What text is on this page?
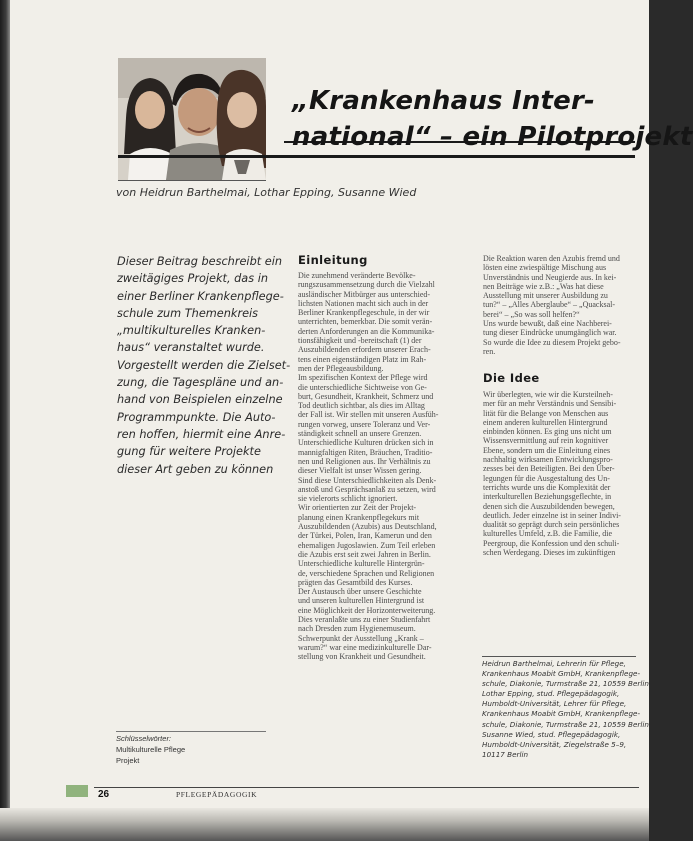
„Krankenhaus Inter-
national“ – ein Pilotprojekt
von Heidrun Barthelmai, Lothar Epping, Susanne Wied
Dieser Beitrag beschreibt ein
zweitägiges Projekt, das in
einer Berliner Krankenpflege-
schule zum Themenkreis
„multikulturelles Kranken-
haus“ veranstaltet wurde.
Vorgestellt werden die Zielset-
zung, die Tagespläne und an-
hand von Beispielen einzelne
Programmpunkte. Die Auto-
ren hoffen, hiermit eine Anre-
gung für weitere Projekte
dieser Art geben zu können
Einleitung
Die zunehmend veränderte Bevölke-
rungszusammensetzung durch die Vielzahl
ausländischer Mitbürger aus unterschied-
lichsten Nationen macht sich auch in der
Berliner Krankenpflegeschule, in der wir
unterrichten, bemerkbar. Die somit verän-
derten Anforderungen an die Kommunika-
tionsfähigkeit und -bereitschaft (1) der
Auszubildenden erfordern unserer Erach-
tens einen eigenständigen Platz im Rah-
men der Pflegeausbildung.
Im spezifischen Kontext der Pflege wird
die unterschiedliche Sichtweise von Ge-
burt, Gesundheit, Krankheit, Schmerz und
Tod deutlich sichtbar, als dies im Alltag
der Fall ist. Wir stellen mit unseren Ausfüh-
rungen vorweg, unsere Toleranz und Ver-
ständigkeit schnell an unsere Grenzen.
Unterschiedliche Kulturen drücken sich in
mannigfaltigen Riten, Bräuchen, Traditio-
nen und Religionen aus. Ihr Verhältnis zu
dieser Vielfalt ist unser Wissen gering.
Sind diese Unterschiedlichkeiten als Denk-
anstoß und Gesprächsanlaß zu setzen, wird
sie vielerorts schlicht ignoriert.
Wir orientierten zur Zeit der Projekt-
planung einen Krankenpflegekurs mit
Auszubildenden (Azubis) aus Deutschland,
der Türkei, Polen, Iran, Kamerun und den
ehemaligen Jugoslawien. Zum Teil erleben
die Azubis erst seit zwei Jahren in Berlin.
Unterschiedliche kulturelle Hintergrün-
de, verschiedene Sprachen und Religionen
prägten das Gesamtbild des Kurses.
Der Austausch über unsere Geschichte
und unseren kulturellen Hintergrund ist
eine Möglichkeit der Horizonterweiterung.
Dies veranlaßte uns zu einer Studienfahrt
nach Dresden zum Hygienemuseum.
Schwerpunkt der Ausstellung „Krank –
warum?“ war eine medizinkulturelle Dar-
stellung von Krankheit und Gesundheit.
Die Reaktion waren den Azubis fremd und
lösten eine zwiespältige Mischung aus
Unverständnis und Neugierde aus. In kei-
nen Beiträge wie z.B.: „Was hat diese
Ausstellung mit unserer Ausbildung zu
tun?“ – „Alles Aberglaube“ – „Quacksal-
berei“ – „So was soll helfen?“
Uns wurde bewußt, daß eine Nachberei-
tung dieser Eindrücke unumgänglich war.
So wurde die Idee zu diesem Projekt gebo-
ren.
Die Idee
Wir überlegten, wie wir die Kursteilneh-
mer für an mehr Verständnis und Sensibi-
lität für die Belange von Menschen aus
einem anderen kulturellen Hintergrund
einbinden können. Es ging uns nicht um
Wissensvermittlung auf rein kognitiver
Ebene, sondern um die Einleitung eines
nachhaltig wirksamen Entwicklungspro-
zesses bei den Beteiligten. Bei den Über-
legungen für die Ausgestaltung des Un-
terrichts wurde uns die Komplexität der
interkulturellen Beziehungsgeflechte, in
denen sich die Auszubildenden bewegen,
deutlich. Jeder einzelne ist in seiner Indivi-
dualität so geprägt durch sein persönliches
kulturelles Umfeld, z.B. die Familie, die
Peergroup, die Konfession und den schuli-
schen Werdegang. Dieses im zukünftigen
Heidrun Barthelmai, Lehrerin für Pflege,
Krankenhaus Moabit GmbH, Krankenpflege-
schule, Diakonie, Turmstraße 21, 10559 Berlin
Lothar Epping, stud. Pflegepädagogik,
Humboldt-Universität, Lehrer für Pflege,
Krankenhaus Moabit GmbH, Krankenpflege-
schule, Diakonie, Turmstraße 21, 10559 Berlin
Susanne Wied, stud. Pflegepädagogik,
Humboldt-Universität, Ziegelstraße 5–9,
10117 Berlin
Schlüsselwörter:
Multikulturelle Pflege
Projekt
26	PFLEGEPÄDAGOGIK
